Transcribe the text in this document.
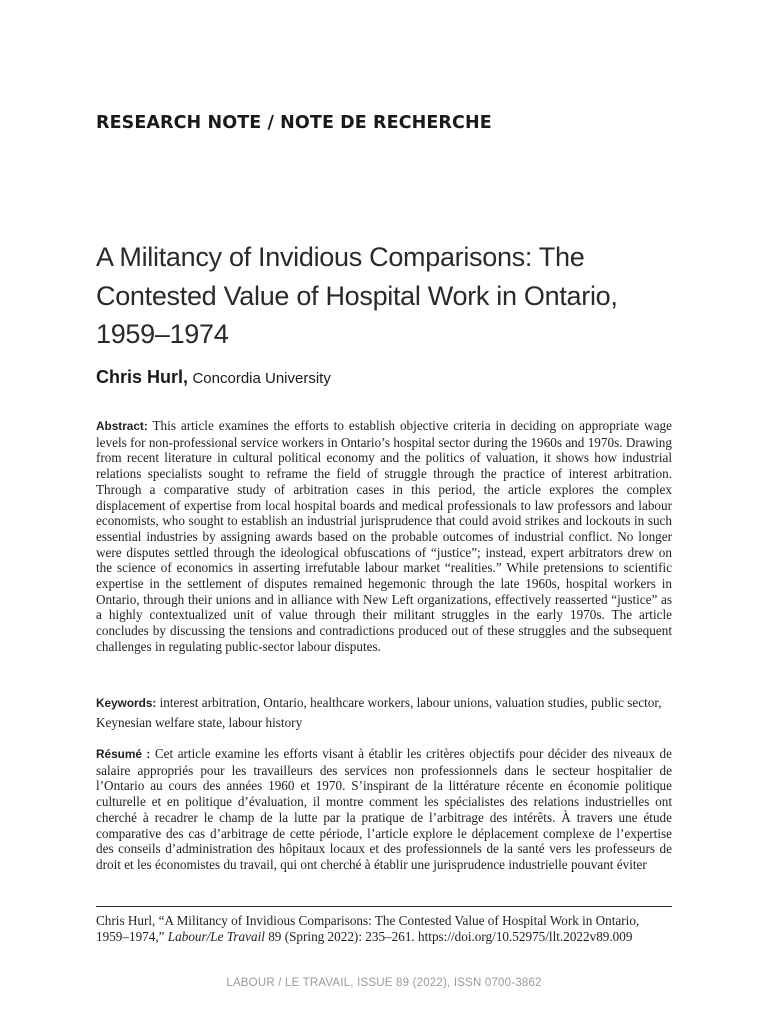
RESEARCH NOTE / NOTE DE RECHERCHE
A Militancy of Invidious Comparisons: The Contested Value of Hospital Work in Ontario, 1959–1974

Chris Hurl, Concordia University

Abstract: This article examines the efforts to establish objective criteria in deciding on appropriate wage levels for non-professional service workers in Ontario’s hospital sector during the 1960s and 1970s. Drawing from recent literature in cultural political economy and the politics of valuation, it shows how industrial relations specialists sought to reframe the field of struggle through the practice of interest arbitration. Through a comparative study of arbitration cases in this period, the article explores the complex displacement of expertise from local hospital boards and medical professionals to law professors and labour economists, who sought to establish an industrial jurisprudence that could avoid strikes and lockouts in such essential industries by assigning awards based on the probable outcomes of industrial conflict. No longer were disputes settled through the ideological obfuscations of “justice”; instead, expert arbitrators drew on the science of economics in asserting irrefutable labour market “realities.” While pretensions to scientific expertise in the settlement of disputes remained hegemonic through the late 1960s, hospital workers in Ontario, through their unions and in alliance with New Left organizations, effectively reasserted “justice” as a highly contextualized unit of value through their militant struggles in the early 1970s. The article concludes by discussing the tensions and contradictions produced out of these struggles and the subsequent challenges in regulating public-sector labour disputes.

Keywords: interest arbitration, Ontario, healthcare workers, labour unions, valuation studies, public sector, Keynesian welfare state, labour history

Résumé : Cet article examine les efforts visant à établir les critères objectifs pour décider des niveaux de salaire appropriés pour les travailleurs des services non professionnels dans le secteur hospitalier de l’Ontario au cours des années 1960 et 1970. S’inspirant de la littérature récente en économie politique culturelle et en politique d’évaluation, il montre comment les spécialistes des relations industrielles ont cherché à recadrer le champ de la lutte par la pratique de l’arbitrage des intérêts. À travers une étude comparative des cas d’arbitrage de cette période, l’article explore le déplacement complexe de l’expertise des conseils d’administration des hôpitaux locaux et des professionnels de la santé vers les professeurs de droit et les économistes du travail, qui ont cherché à établir une jurisprudence industrielle pouvant éviter

Chris Hurl, “A Militancy of Invidious Comparisons: The Contested Value of Hospital Work in Ontario, 1959–1974,” Labour/Le Travail 89 (Spring 2022): 235–261. https://doi.org/10.52975/llt.2022v89.009

LABOUR / LE TRAVAIL, ISSUE 89 (2022), ISSN 0700-3862
